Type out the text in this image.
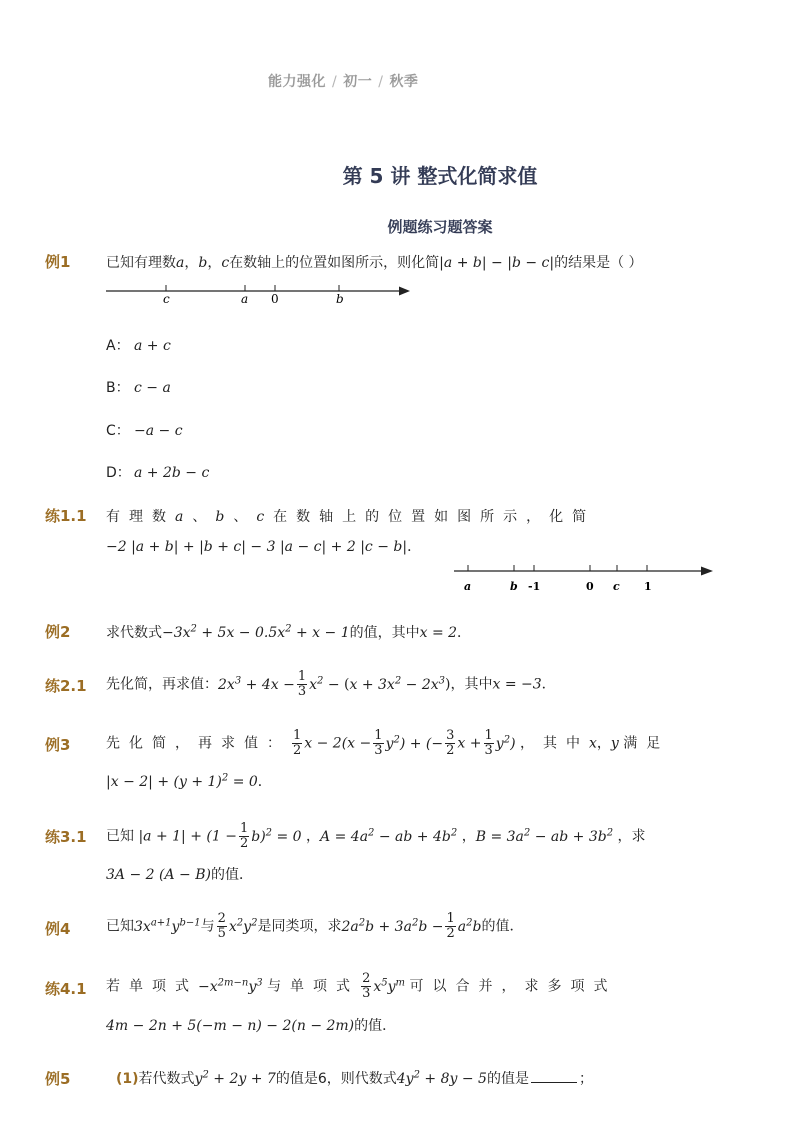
能力强化 / 初一 / 秋季
第 5 讲 整式化简求值
例题练习题答案
例1	已知有理数a，b，c在数轴上的位置如图所示，则化简|a + b| − |b − c|的结果是（ ）
c	a 0	b
A： a + c
B： c − a
C： −a − c
D： a + 2b − c
练1.1 有理数a、b、c在数轴上的位置如图所示，化简
−2 |a + b| + |b + c| − 3 |a − c| + 2 |c − b|．
a	b -1	0 c 1
例2	求代数式$-3x^2 + 5x - 0.5x^2 + x - 1$的值，其中x = 2．
练2.1 先化简，再求值：$2x^3 + 4x - \frac{1}{3} x^2 - (x + 3x^2 - 2x^3)$，其中x = −3．
例3	先化简，再求值： $\frac{1}{2}$ $x - 2(x - \frac{1}{3} y^2)$ + (− $\frac{3}{2}$ $x + \frac{1}{3} y^2$) ，其中x，y 满足
$|x - 2| + (y + 1)^2 = 0$．
练3.1 已知 $|a + 1| + (1 - \frac{1}{2} b)^2 = 0$ ，$A = 4a^2$ − ab + $4b^2$ ，$B = 3a^2$ − ab + $3b^2$ ，求
3A − 2 (A − B)的值．
例4	已知$3x^{a+1}y^{b-1}$与 $\frac{2}{5} x^2y^2$是同类项，求$2a^2b + 3a^2b - \frac{1}{2} a^2b$的值．
练4.1 若单项式$-x^{2m-n}y^3$ 与单项式 $\frac{2}{3} x^5y^m$ 可以合并，求多项式
4m − 2n + 5(−m − n) − 2(n − 2m)的值．
例5	(1)若代数式$y^2 + 2y + 7$的值是6，则代数式$4y^2 + 8y - 5$的值是	；
